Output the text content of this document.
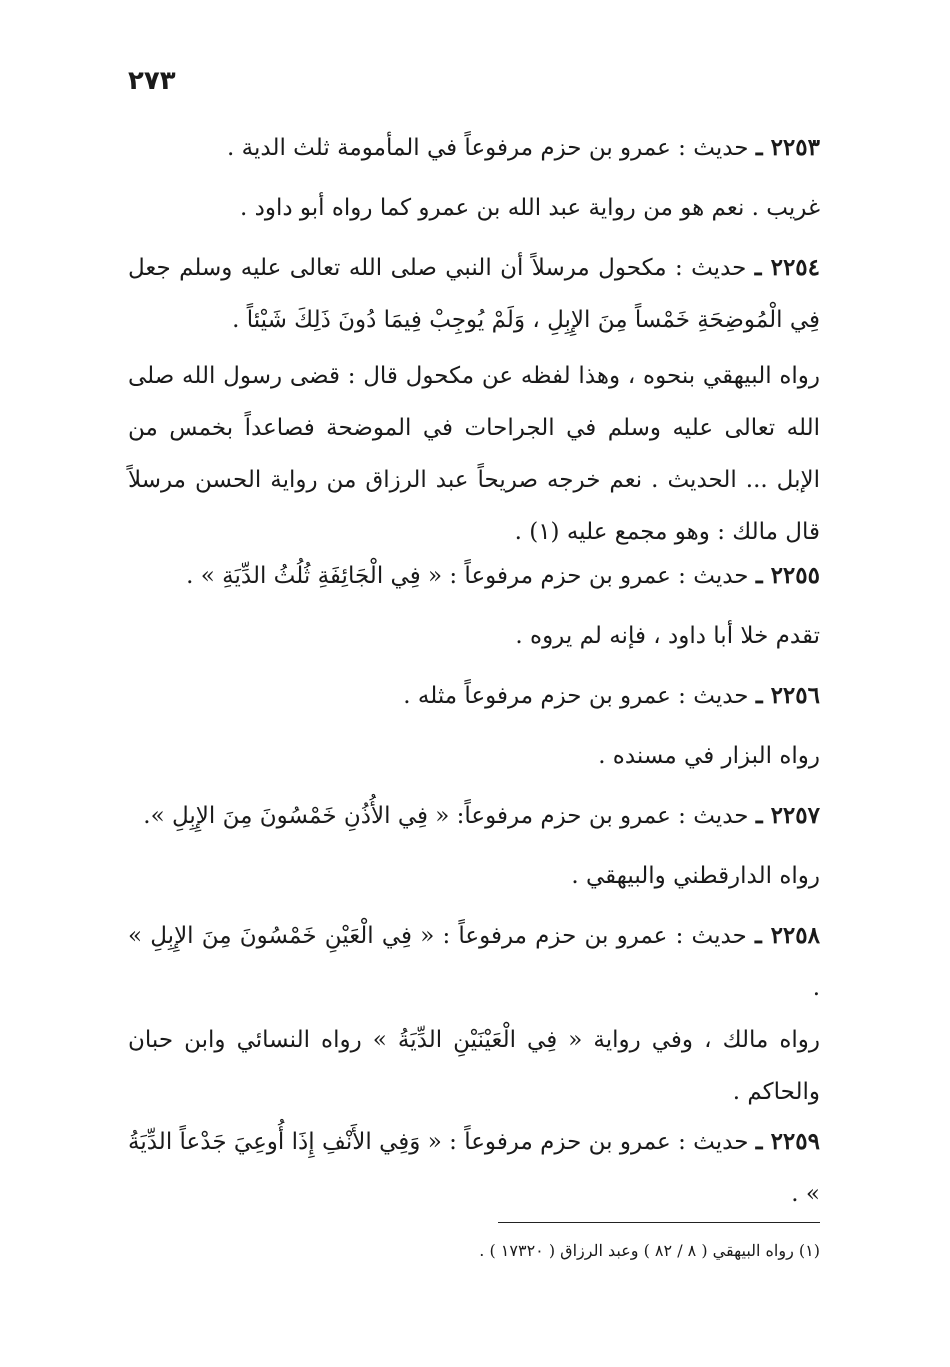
٢٧٣
٢٢٥٣ ـ حديث : عمرو بن حزم مرفوعاً في المأمومة ثلث الدية .
غريب . نعم هو من رواية عبد الله بن عمرو كما رواه أبو داود .
٢٢٥٤ ـ حديث : مكحول مرسلاً أن النبي صلى الله تعالى عليه وسلم جعل فِي الْمُوضِحَةِ خَمْساً مِنَ الإِبِلِ ، وَلَمْ يُوجِبْ فِيمَا دُونَ ذَلِكَ شَيْئاً .
رواه البيهقي بنحوه ، وهذا لفظه عن مكحول قال : قضى رسول الله صلى الله تعالى عليه وسلم في الجراحات في الموضحة فصاعداً بخمس من الإبل ... الحديث . نعم خرجه صريحاً عبد الرزاق من رواية الحسن مرسلاً قال مالك : وهو مجمع عليه (١) .
٢٢٥٥ ـ حديث : عمرو بن حزم مرفوعاً : « فِي الْجَائِفَةِ ثُلُثُ الدِّيَةِ » .
تقدم خلا أبا داود ، فإنه لم يروه .
٢٢٥٦ ـ حديث : عمرو بن حزم مرفوعاً مثله .
رواه البزار في مسنده .
٢٢٥٧ ـ حديث : عمرو بن حزم مرفوعاً: « فِي الأُذُنِ خَمْسُونَ مِنَ الإِبِلِ ».
رواه الدارقطني والبيهقي .
٢٢٥٨ ـ حديث : عمرو بن حزم مرفوعاً : « فِي الْعَيْنِ خَمْسُونَ مِنَ الإِبِلِ » .
رواه مالك ، وفي رواية « فِي الْعَيْنَيْنِ الدِّيَةُ » رواه النسائي وابن حبان والحاكم .
٢٢٥٩ ـ حديث : عمرو بن حزم مرفوعاً : « وَفِي الأَنْفِ إِذَا أُوعِيَ جَدْعاً الدِّيَةُ » .
(١) رواه البيهقي ( ٨ / ٨٢ ) وعبد الرزاق ( ١٧٣٢٠ ) .
